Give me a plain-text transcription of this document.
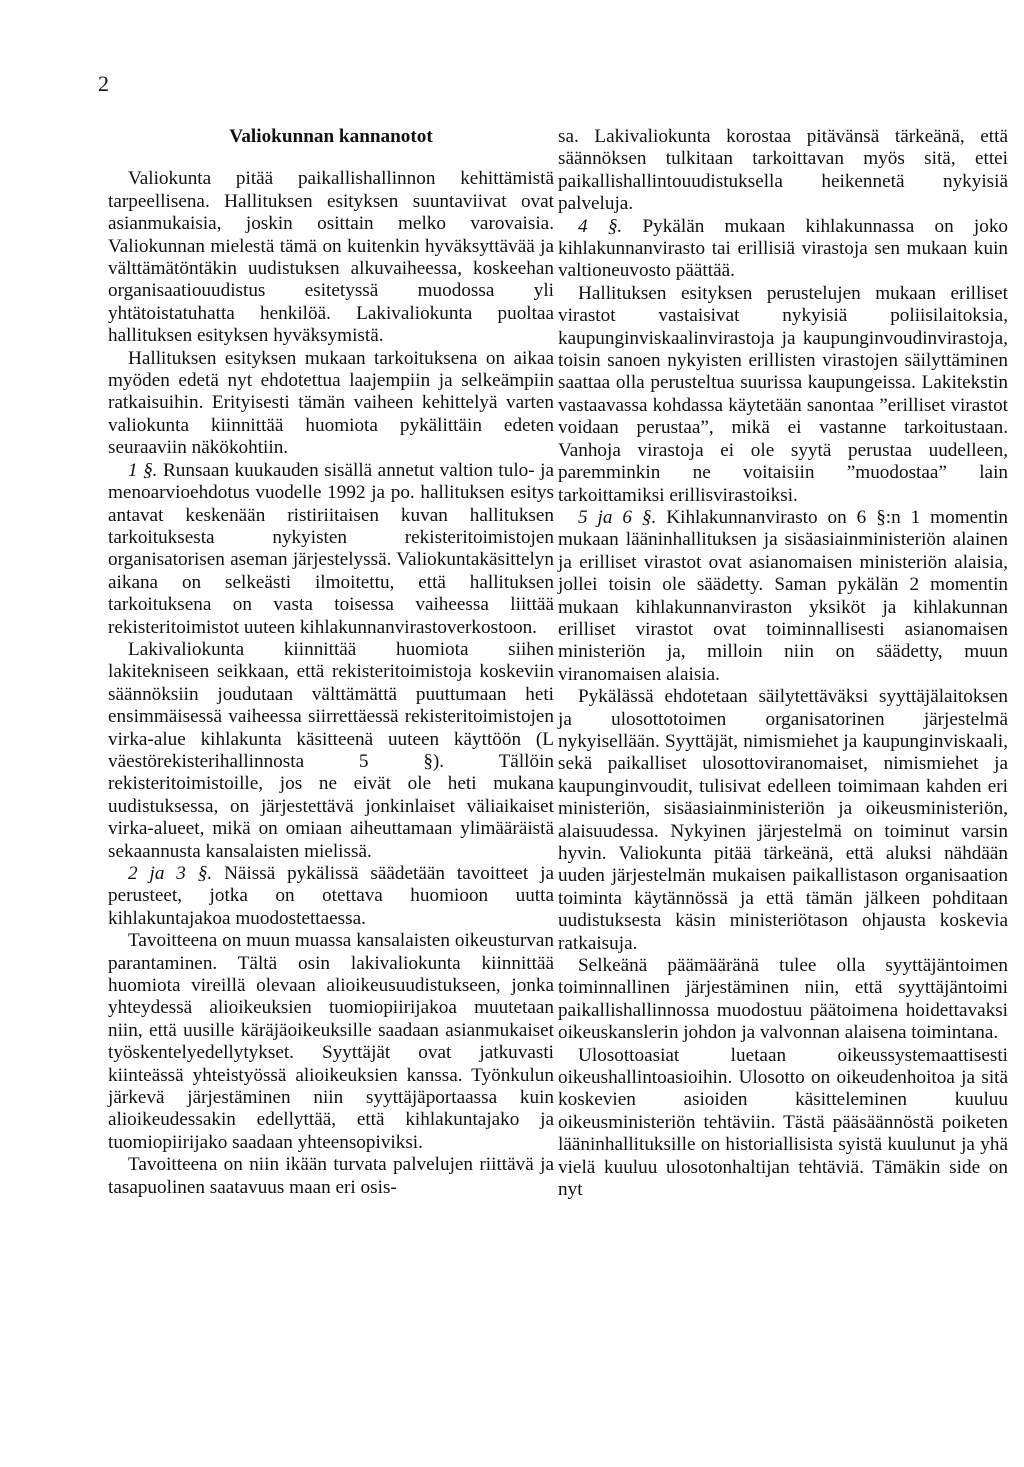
2
Valiokunnan kannanotot

Valiokunta pitää paikallishallinnon kehittämistä tarpeellisena. Hallituksen esityksen suuntaviivat ovat asianmukaisia, joskin osittain melko varovaisia. Valiokunnan mielestä tämä on kuitenkin hyväksyttävää ja välttämätöntäkin uudistuksen alkuvaiheessa, koskeehan organisaatiouudistus esitetyssä muodossa yli yhtätoistatuhatta henkilöä. Lakivaliokunta puoltaa hallituksen esityksen hyväksymistä.

Hallituksen esityksen mukaan tarkoituksena on aikaa myöden edetä nyt ehdotettua laajempiin ja selkeämpiin ratkaisuihin. Erityisesti tämän vaiheen kehittelyä varten valiokunta kiinnittää huomiota pykälittäin edeten seuraaviin näkökohtiin.

1 §. Runsaan kuukauden sisällä annetut valtion tulo- ja menoarvioehdotus vuodelle 1992 ja po. hallituksen esitys antavat keskenään ristiriitaisen kuvan hallituksen tarkoituksesta nykyisten rekisteritoimistojen organisatorisen aseman järjestelyssä. Valiokuntakäsittelyn aikana on selkeästi ilmoitettu, että hallituksen tarkoituksena on vasta toisessa vaiheessa liittää rekisteritoimistot uuteen kihlakunnanvirastoverkostoon.

Lakivaliokunta kiinnittää huomiota siihen lakitekniseen seikkaan, että rekisteritoimistoja koskeviin säännöksiin joudutaan välttämättä puuttumaan heti ensimmäisessä vaiheessa siirrettäessä rekisteritoimistojen virka-alue kihlakunta käsitteenä uuteen käyttöön (L väestörekisterihallinnosta 5 §). Tällöin rekisteritoimistoille, jos ne eivät ole heti mukana uudistuksessa, on järjestettävä jonkinlaiset väliaikaiset virka-alueet, mikä on omiaan aiheuttamaan ylimääräistä sekaannusta kansalaisten mielissä.

2 ja 3 §. Näissä pykälissä säädetään tavoitteet ja perusteet, jotka on otettava huomioon uutta kihlakuntajakoa muodostettaessa.

Tavoitteena on muun muassa kansalaisten oikeusturvan parantaminen. Tältä osin lakivaliokunta kiinnittää huomiota vireillä olevaan alioikeusuudistukseen, jonka yhteydessä alioikeuksien tuomiopiirijakoa muutetaan niin, että uusille käräjäoikeuksille saadaan asianmukaiset työskentelyedellytykset. Syyttäjät ovat jatkuvasti kiinteässä yhteistyössä alioikeuksien kanssa. Työnkulun järkevä järjestäminen niin syyttäjäportaassa kuin alioikeudessakin edellyttää, että kihlakuntajako ja tuomiopiirijako saadaan yhteensopiviksi.

Tavoitteena on niin ikään turvata palvelujen riittävä ja tasapuolinen saatavuus maan eri osis-

sa. Lakivaliokunta korostaa pitävänsä tärkeänä, että säännöksen tulkitaan tarkoittavan myös sitä, ettei paikallishallintouudistuksella heikennetä nykyisiä palveluja.

4 §. Pykälän mukaan kihlakunnassa on joko kihlakunnanvirasto tai erillisiä virastoja sen mukaan kuin valtioneuvosto päättää.

Hallituksen esityksen perustelujen mukaan erilliset virastot vastaisivat nykyisiä poliisilaitoksia, kaupunginviskaalinvirastoja ja kaupunginvoudinvirastoja, toisin sanoen nykyisten erillisten virastojen säilyttäminen saattaa olla perusteltua suurissa kaupungeissa. Lakitekstin vastaavassa kohdassa käytetään sanontaa ”erilliset virastot voidaan perustaa”, mikä ei vastanne tarkoitustaan. Vanhoja virastoja ei ole syytä perustaa uudelleen, paremminkin ne voitaisiin ”muodostaa” lain tarkoittamiksi erillisvirastoiksi.

5 ja 6 §. Kihlakunnanvirasto on 6 §:n 1 momentin mukaan lääninhallituksen ja sisäasiainministeriön alainen ja erilliset virastot ovat asianomaisen ministeriön alaisia, jollei toisin ole säädetty. Saman pykälän 2 momentin mukaan kihlakunnanviraston yksiköt ja kihlakunnan erilliset virastot ovat toiminnallisesti asianomaisen ministeriön ja, milloin niin on säädetty, muun viranomaisen alaisia.

Pykälässä ehdotetaan säilytettäväksi syyttäjälaitoksen ja ulosottotoimen organisatorinen järjestelmä nykyisellään. Syyttäjät, nimismiehet ja kaupunginviskaali, sekä paikalliset ulosottoviranomaiset, nimismiehet ja kaupunginvoudit, tulisivat edelleen toimimaan kahden eri ministeriön, sisäasiainministeriön ja oikeusministeriön, alaisuudessa. Nykyinen järjestelmä on toiminut varsin hyvin. Valiokunta pitää tärkeänä, että aluksi nähdään uuden järjestelmän mukaisen paikallistason organisaation toiminta käytännössä ja että tämän jälkeen pohditaan uudistuksesta käsin ministeriötason ohjausta koskevia ratkaisuja.

Selkeänä päämääränä tulee olla syyttäjäntoimen toiminnallinen järjestäminen niin, että syyttäjäntoimi paikallishallinnossa muodostuu päätoimena hoidettavaksi oikeuskanslerin johdon ja valvonnan alaisena toimintana.

Ulosottoasiat luetaan oikeussystemaattisesti oikeushallintoasioihin. Ulosotto on oikeudenhoitoa ja sitä koskevien asioiden käsitteleminen kuuluu oikeusministeriön tehtäviin. Tästä pääsäännöstä poiketen lääninhallituksille on historiallisista syistä kuulunut ja yhä vielä kuuluu ulosotonhaltijan tehtäviä. Tämäkin side on nyt
